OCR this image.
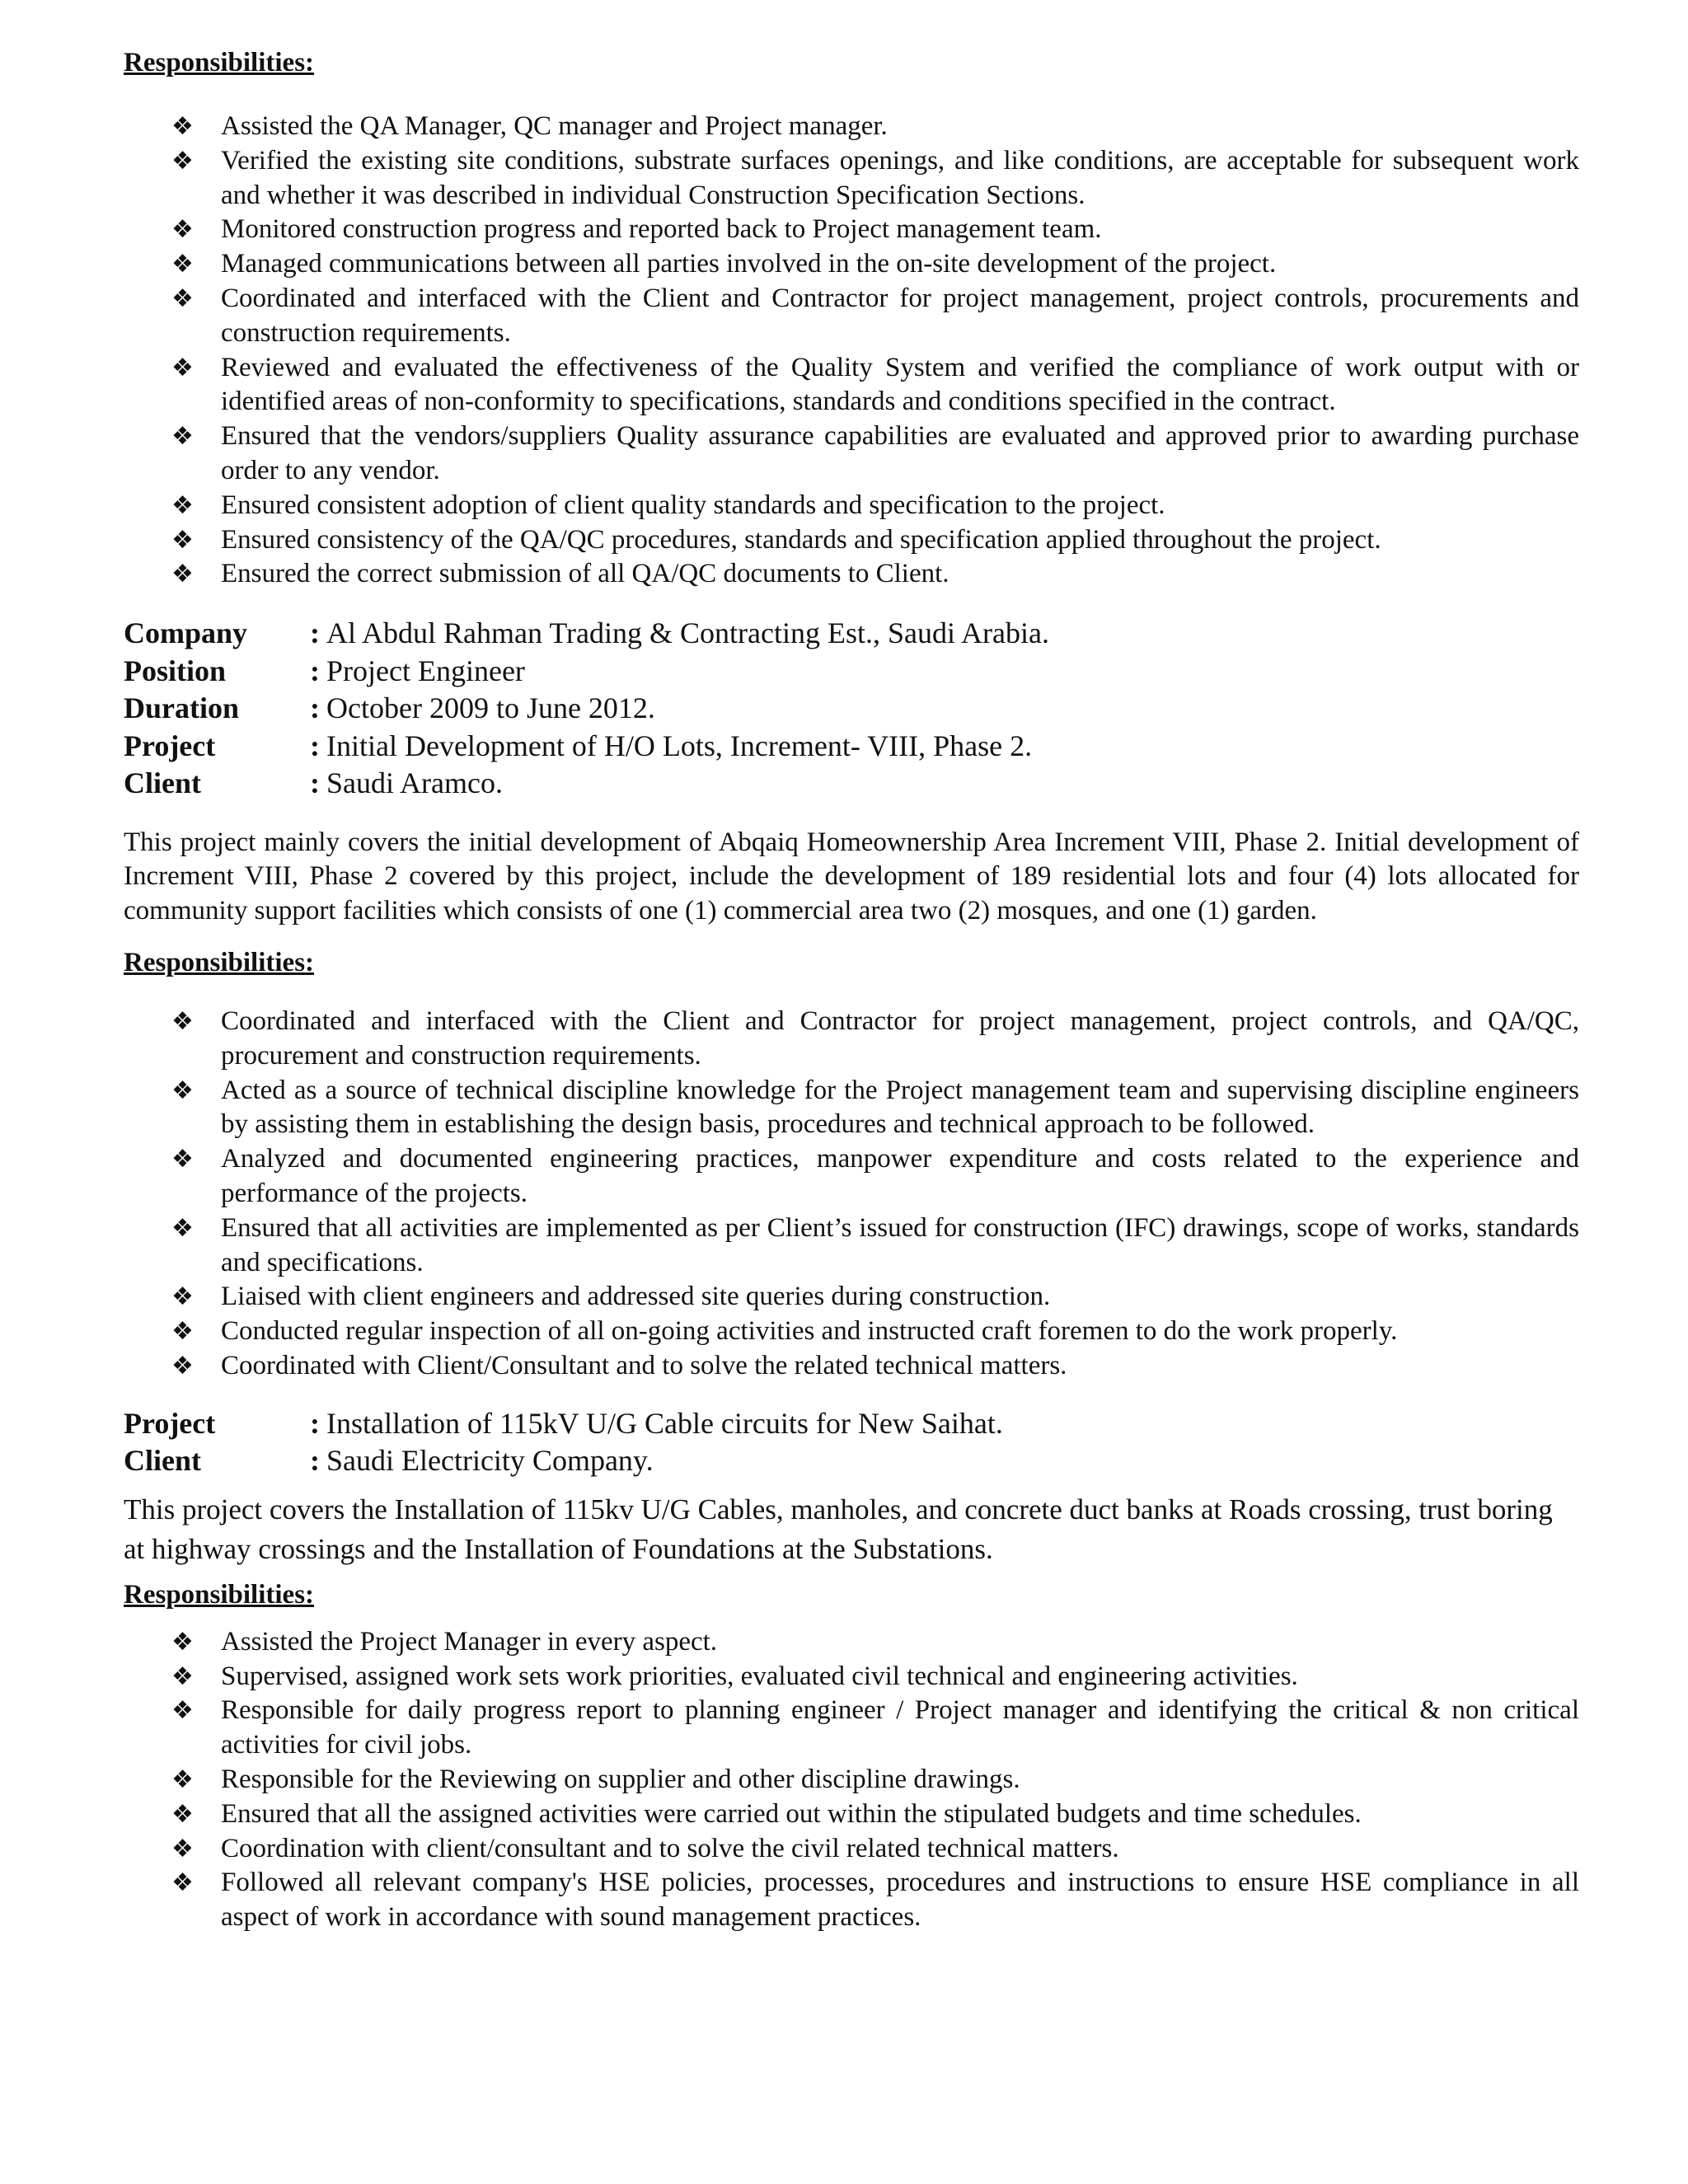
Responsibilities:

❖ Assisted the QA Manager, QC manager and Project manager.
❖ Verified the existing site conditions, substrate surfaces openings, and like conditions, are acceptable for subsequent work and whether it was described in individual Construction Specification Sections.
❖ Monitored construction progress and reported back to Project management team.
❖ Managed communications between all parties involved in the on-site development of the project.
❖ Coordinated and interfaced with the Client and Contractor for project management, project controls, procurements and construction requirements.
❖ Reviewed and evaluated the effectiveness of the Quality System and verified the compliance of work output with or identified areas of non-conformity to specifications, standards and conditions specified in the contract.
❖ Ensured that the vendors/suppliers Quality assurance capabilities are evaluated and approved prior to awarding purchase order to any vendor.
❖ Ensured consistent adoption of client quality standards and specification to the project.
❖ Ensured consistency of the QA/QC procedures, standards and specification applied throughout the project.
❖ Ensured the correct submission of all QA/QC documents to Client.
Company	: Al Abdul Rahman Trading & Contracting Est., Saudi Arabia.
Position	: Project Engineer
Duration	: October 2009 to June 2012.
Project	: Initial Development of H/O Lots, Increment- VIII, Phase 2.
Client	: Saudi Aramco.

This project mainly covers the initial development of Abqaiq Homeownership Area Increment VIII, Phase 2. Initial development of Increment VIII, Phase 2 covered by this project, include the development of 189 residential lots and four (4) lots allocated for community support facilities which consists of one (1) commercial area two (2) mosques, and one (1) garden.

Responsibilities:

❖ Coordinated and interfaced with the Client and Contractor for project management, project controls, and QA/QC, procurement and construction requirements.
❖ Acted as a source of technical discipline knowledge for the Project management team and supervising discipline engineers by assisting them in establishing the design basis, procedures and technical approach to be followed.
❖ Analyzed and documented engineering practices, manpower expenditure and costs related to the experience and performance of the projects.
❖ Ensured that all activities are implemented as per Client’s issued for construction (IFC) drawings, scope of works, standards and specifications.
❖ Liaised with client engineers and addressed site queries during construction.
❖ Conducted regular inspection of all on-going activities and instructed craft foremen to do the work properly.
❖ Coordinated with Client/Consultant and to solve the related technical matters.
Project	: Installation of 115kV U/G Cable circuits for New Saihat.
Client	: Saudi Electricity Company.

This project covers the Installation of 115kv U/G Cables, manholes, and concrete duct banks at Roads crossing, trust boring at highway crossings and the Installation of Foundations at the Substations.

Responsibilities:

❖ Assisted the Project Manager in every aspect.
❖ Supervised, assigned work sets work priorities, evaluated civil technical and engineering activities.
❖ Responsible for daily progress report to planning engineer / Project manager and identifying the critical & non critical activities for civil jobs.
❖ Responsible for the Reviewing on supplier and other discipline drawings.
❖ Ensured that all the assigned activities were carried out within the stipulated budgets and time schedules.
❖ Coordination with client/consultant and to solve the civil related technical matters.
❖ Followed all relevant company's HSE policies, processes, procedures and instructions to ensure HSE compliance in all aspect of work in accordance with sound management practices.
